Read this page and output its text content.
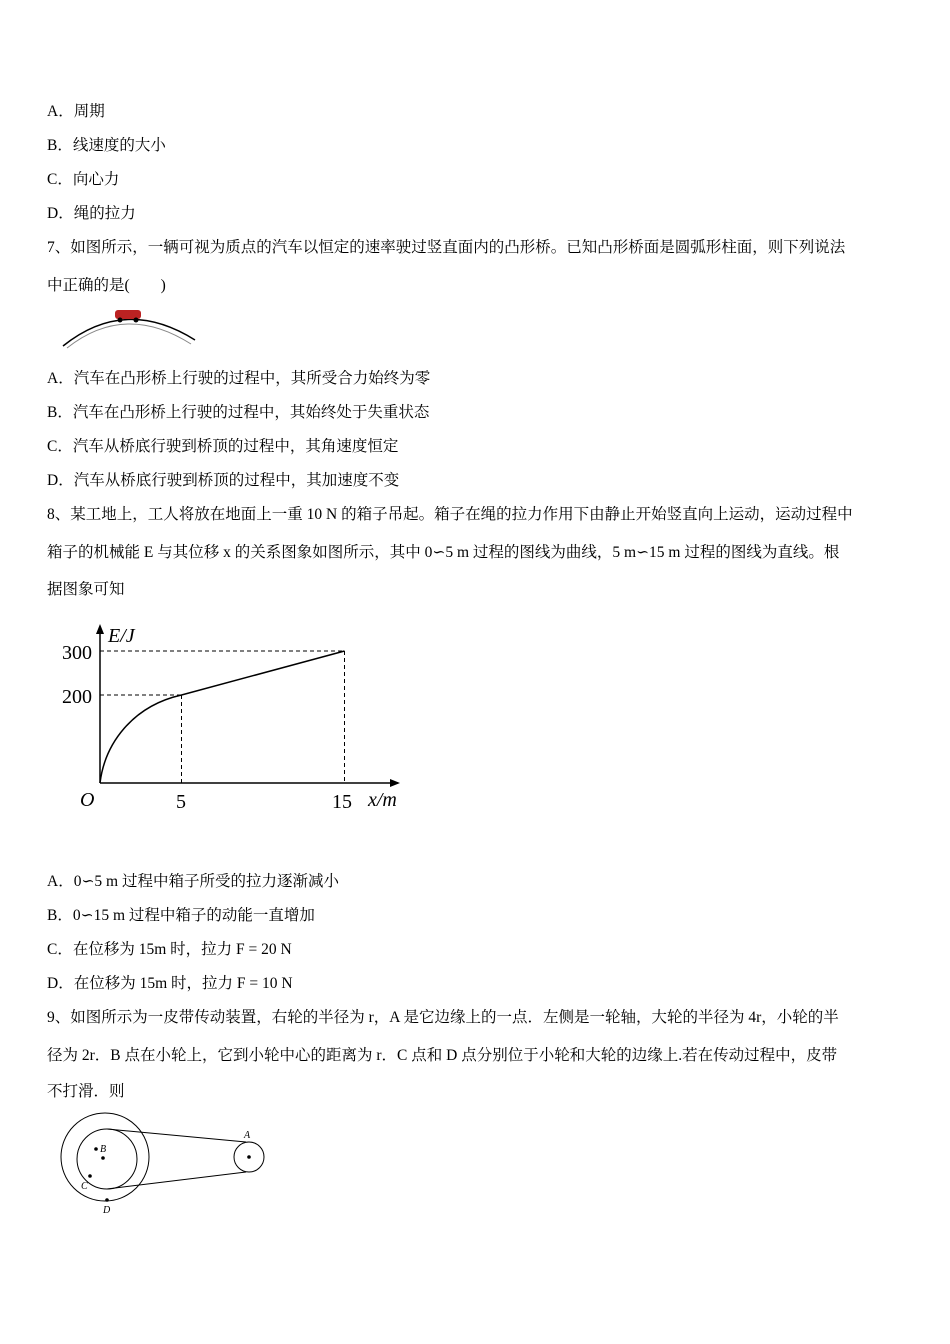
A．周期
B．线速度的大小
C．向心力
D．绳的拉力
7、如图所示，一辆可视为质点的汽车以恒定的速率驶过竖直面内的凸形桥。已知凸形桥面是圆弧形柱面，则下列说法
中正确的是(　　)
A．汽车在凸形桥上行驶的过程中，其所受合力始终为零
B．汽车在凸形桥上行驶的过程中，其始终处于失重状态
C．汽车从桥底行驶到桥顶的过程中，其角速度恒定
D．汽车从桥底行驶到桥顶的过程中，其加速度不变
8、某工地上，工人将放在地面上一重 10 N 的箱子吊起。箱子在绳的拉力作用下由静止开始竖直向上运动，运动过程中
箱子的机械能 E 与其位移 x 的关系图象如图所示，其中 0∽5 m 过程的图线为曲线，5 m∽15 m 过程的图线为直线。根
据图象可知
E/J
x/m
O	5	15
300
200
A．0∽5 m 过程中箱子所受的拉力逐渐减小
B．0∽15 m 过程中箱子的动能一直增加
C．在位移为 15m 时，拉力 F = 20 N
D．在位移为 15m 时，拉力 F = 10 N
9、如图所示为一皮带传动装置，右轮的半径为 r，A 是它边缘上的一点．左侧是一轮轴，大轮的半径为 4r，小轮的半
径为 2r．B 点在小轮上，它到小轮中心的距离为 r．C 点和 D 点分别位于小轮和大轮的边缘上.若在传动过程中，皮带
不打滑．则
A
B
C
D
